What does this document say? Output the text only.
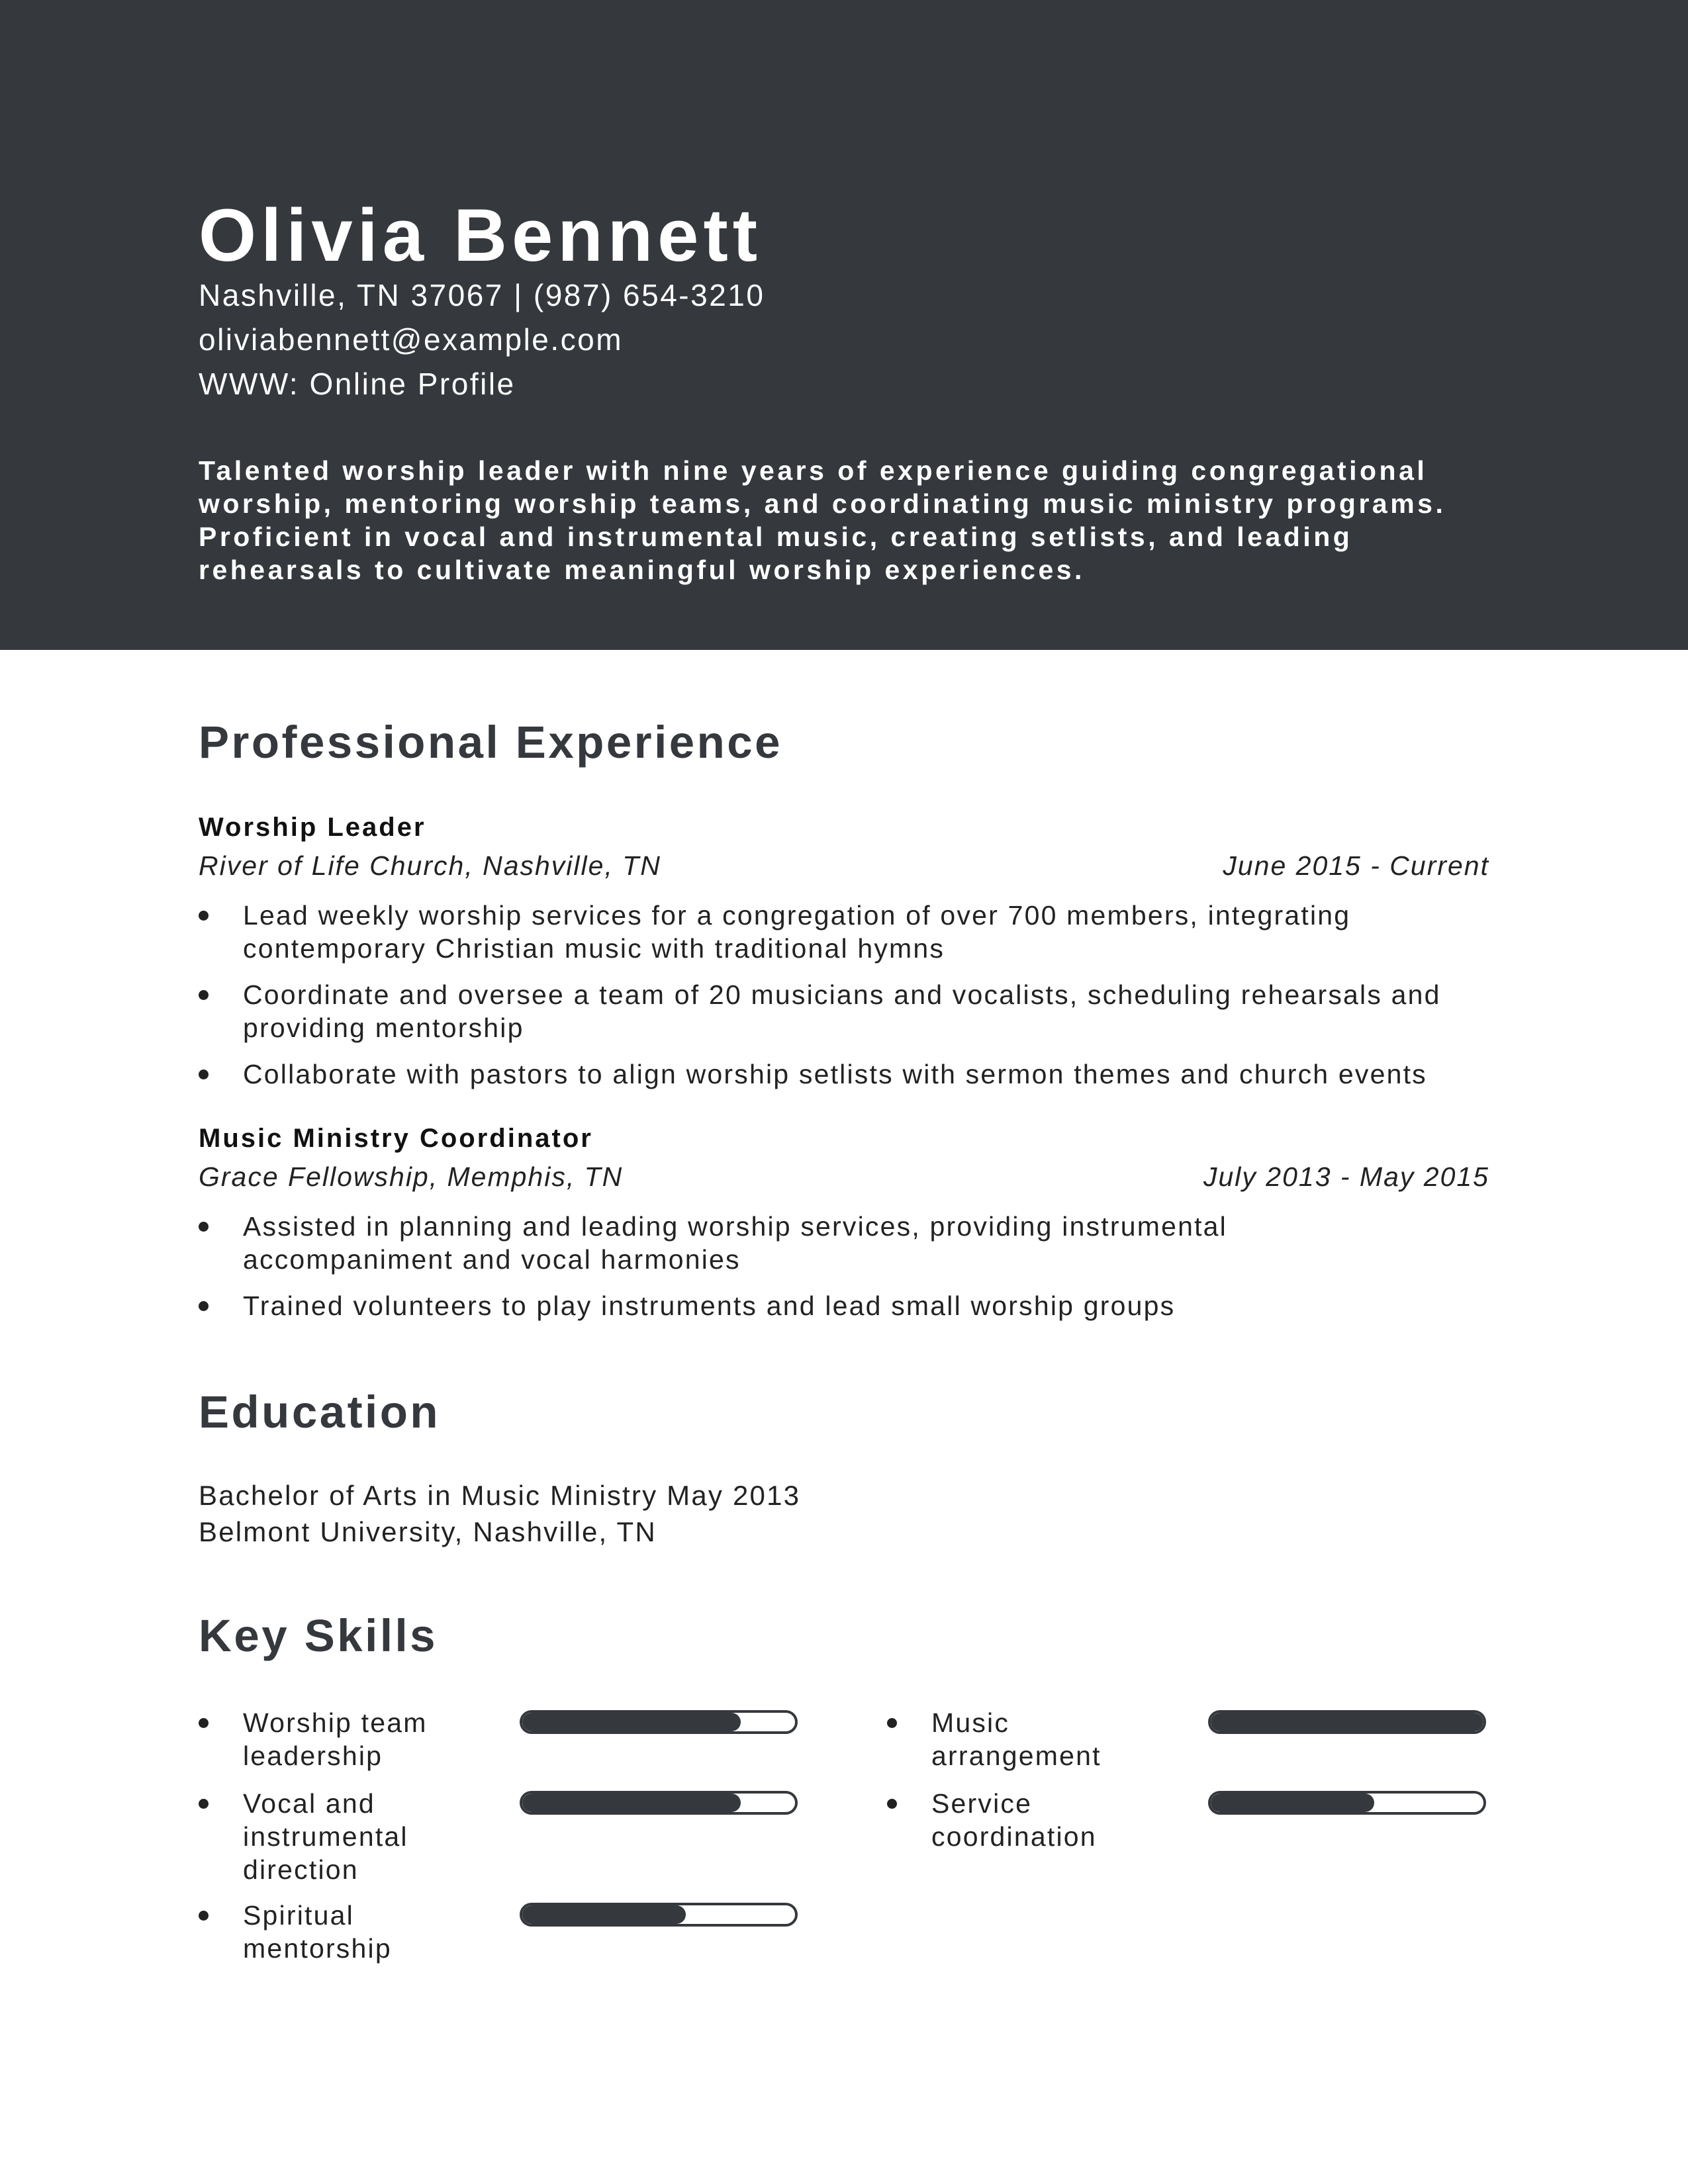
Olivia Bennett

Nashville, TN 37067 | (987) 654-3210

oliviabennett@example.com

WWW: Online Profile

Talented worship leader with nine years of experience guiding congregational
worship, mentoring worship teams, and coordinating music ministry programs.
Proficient in vocal and instrumental music, creating setlists, and leading
rehearsals to cultivate meaningful worship experiences.

Professional Experience

Worship Leader

River of Life Church, Nashville, TN	June 2015 - Current

Lead weekly worship services for a congregation of over 700 members, integrating
contemporary Christian music with traditional hymns
Coordinate and oversee a team of 20 musicians and vocalists, scheduling rehearsals and
providing mentorship
Collaborate with pastors to align worship setlists with sermon themes and church events

Music Ministry Coordinator

Grace Fellowship, Memphis, TN	July 2013 - May 2015

Assisted in planning and leading worship services, providing instrumental
accompaniment and vocal harmonies
Trained volunteers to play instruments and lead small worship groups
Education

Bachelor of Arts in Music Ministry May 2013

Belmont University, Nashville, TN

Key Skills
Worship team
leadership
Music
arrangement
Vocal and
instrumental
direction
Service
coordination
Spiritual
mentorship
